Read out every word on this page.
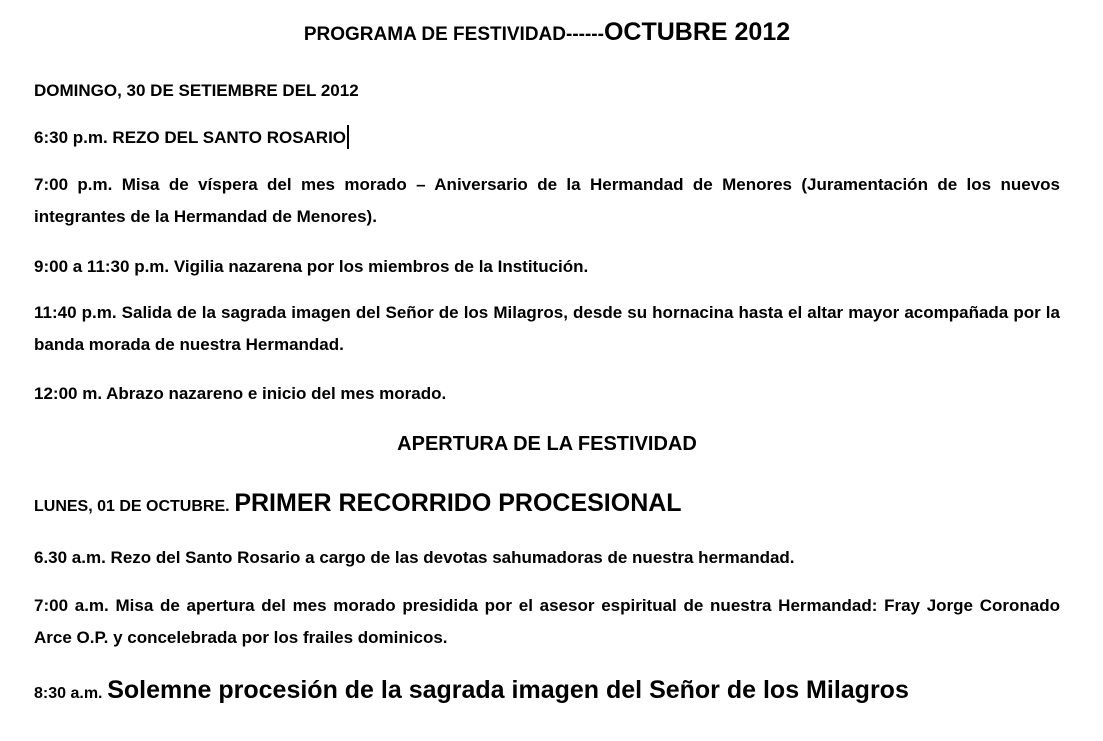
PROGRAMA DE FESTIVIDAD------OCTUBRE 2012

DOMINGO, 30 DE SETIEMBRE DEL 2012

6:30 p.m. REZO DEL SANTO ROSARIO

7:00 p.m. Misa de víspera del mes morado – Aniversario de la Hermandad de Menores (Juramentación de los nuevos integrantes de la Hermandad de Menores).

9:00 a 11:30 p.m. Vigilia nazarena por los miembros de la Institución.

11:40 p.m. Salida de la sagrada imagen del Señor de los Milagros, desde su hornacina hasta el altar mayor acompañada por la banda morada de nuestra Hermandad.

12:00 m. Abrazo nazareno e inicio del mes morado.

APERTURA DE LA FESTIVIDAD

LUNES, 01 DE OCTUBRE. PRIMER RECORRIDO PROCESIONAL

6.30 a.m. Rezo del Santo Rosario a cargo de las devotas sahumadoras de nuestra hermandad.

7:00 a.m. Misa de apertura del mes morado presidida por el asesor espiritual de nuestra Hermandad: Fray Jorge Coronado Arce O.P. y concelebrada por los frailes dominicos.

8:30 a.m. Solemne procesión de la sagrada imagen del Señor de los Milagros
